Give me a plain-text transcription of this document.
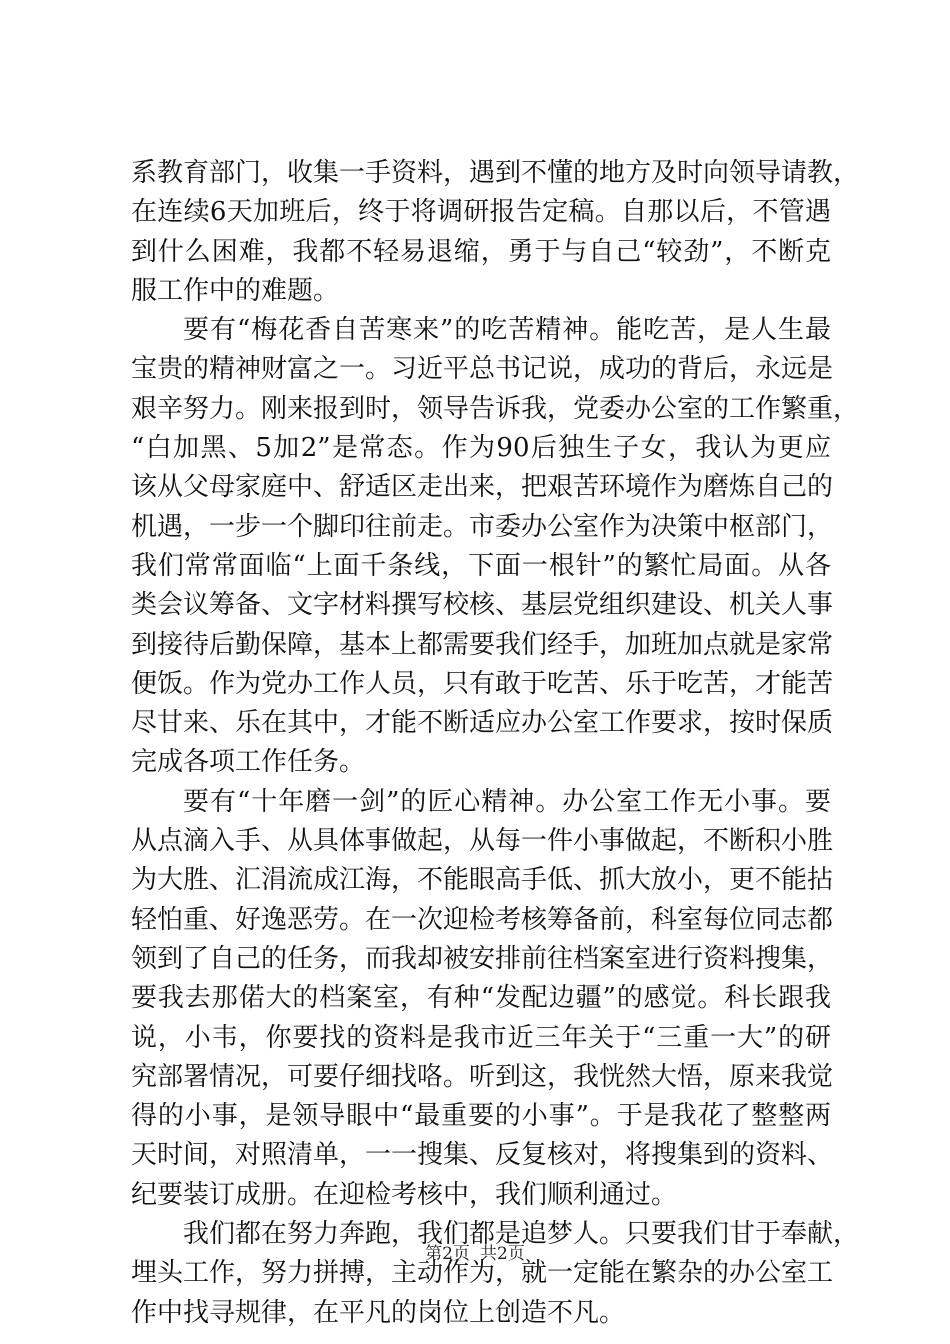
系教育部门，收集一手资料，遇到不懂的地方及时向领导请教，
在连续6天加班后，终于将调研报告定稿。自那以后，不管遇
到什么困难，我都不轻易退缩，勇于与自己“较劲”，不断克
服工作中的难题。
要有“梅花香自苦寒来”的吃苦精神。能吃苦，是人生最
宝贵的精神财富之一。习近平总书记说，成功的背后，永远是
艰辛努力。刚来报到时，领导告诉我，党委办公室的工作繁重，
“白加黑、5加2”是常态。作为90后独生子女，我认为更应
该从父母家庭中、舒适区走出来，把艰苦环境作为磨炼自己的
机遇，一步一个脚印往前走。市委办公室作为决策中枢部门，
我们常常面临“上面千条线，下面一根针”的繁忙局面。从各
类会议筹备、文字材料撰写校核、基层党组织建设、机关人事
到接待后勤保障，基本上都需要我们经手，加班加点就是家常
便饭。作为党办工作人员，只有敢于吃苦、乐于吃苦，才能苦
尽甘来、乐在其中，才能不断适应办公室工作要求，按时保质
完成各项工作任务。
要有“十年磨一剑”的匠心精神。办公室工作无小事。要
从点滴入手、从具体事做起，从每一件小事做起，不断积小胜
为大胜、汇涓流成江海，不能眼高手低、抓大放小，更不能拈
轻怕重、好逸恶劳。在一次迎检考核筹备前，科室每位同志都
领到了自己的任务，而我却被安排前往档案室进行资料搜集，
要我去那偌大的档案室，有种“发配边疆”的感觉。科长跟我
说，小韦，你要找的资料是我市近三年关于“三重一大”的研
究部署情况，可要仔细找咯。听到这，我恍然大悟，原来我觉
得的小事，是领导眼中“最重要的小事”。于是我花了整整两
天时间，对照清单，一一搜集、反复核对，将搜集到的资料、
纪要装订成册。在迎检考核中，我们顺利通过。
我们都在努力奔跑，我们都是追梦人。只要我们甘于奉献，
埋头工作，努力拼搏，主动作为，就一定能在繁杂的办公室工
作中找寻规律，在平凡的岗位上创造不凡。
第2页 共2页
